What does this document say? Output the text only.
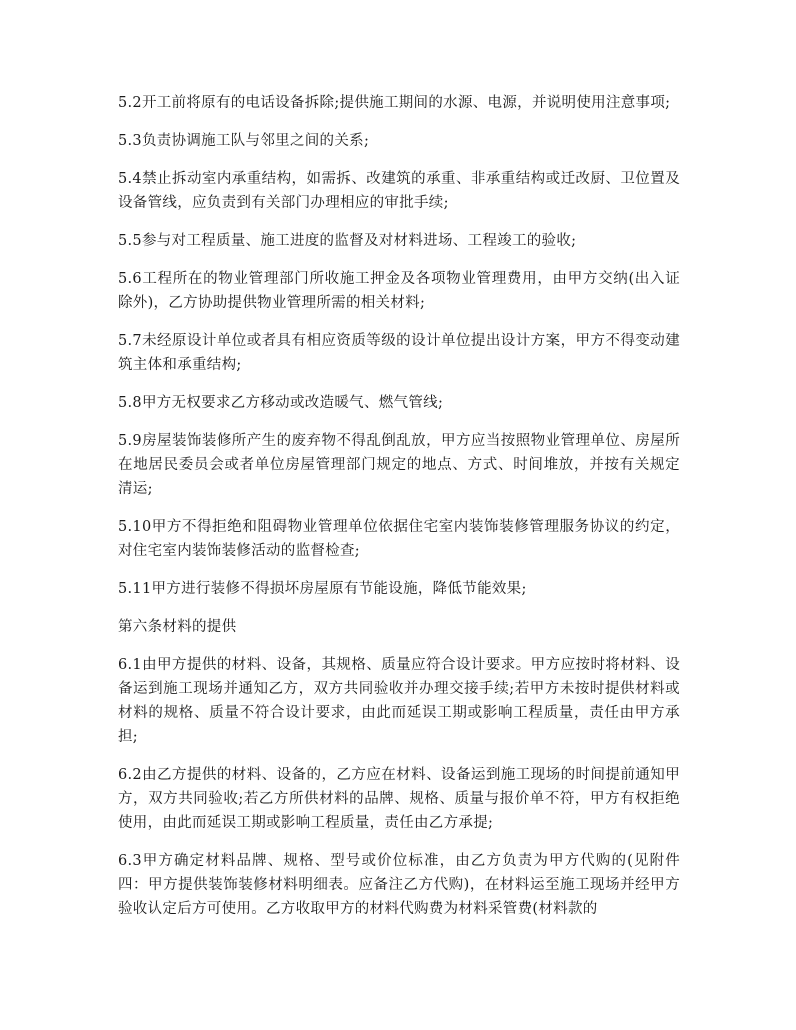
5.2开工前将原有的电话设备拆除;提供施工期间的水源、电源，并说明使用注意事项;

5.3负责协调施工队与邻里之间的关系;

5.4禁止拆动室内承重结构，如需拆、改建筑的承重、非承重结构或迁改厨、卫位置及设备管线，应负责到有关部门办理相应的审批手续;

5.5参与对工程质量、施工进度的监督及对材料进场、工程竣工的验收;

5.6工程所在的物业管理部门所收施工押金及各项物业管理费用，由甲方交纳(出入证除外)，乙方协助提供物业管理所需的相关材料;

5.7未经原设计单位或者具有相应资质等级的设计单位提出设计方案，甲方不得变动建筑主体和承重结构;

5.8甲方无权要求乙方移动或改造暖气、燃气管线;

5.9房屋装饰装修所产生的废弃物不得乱倒乱放，甲方应当按照物业管理单位、房屋所在地居民委员会或者单位房屋管理部门规定的地点、方式、时间堆放，并按有关规定清运;

5.10甲方不得拒绝和阻碍物业管理单位依据住宅室内装饰装修管理服务协议的约定，对住宅室内装饰装修活动的监督检查;

5.11甲方进行装修不得损坏房屋原有节能设施，降低节能效果;

第六条材料的提供

6.1由甲方提供的材料、设备，其规格、质量应符合设计要求。甲方应按时将材料、设备运到施工现场并通知乙方，双方共同验收并办理交接手续;若甲方未按时提供材料或材料的规格、质量不符合设计要求，由此而延误工期或影响工程质量，责任由甲方承担;

6.2由乙方提供的材料、设备的，乙方应在材料、设备运到施工现场的时间提前通知甲方，双方共同验收;若乙方所供材料的品牌、规格、质量与报价单不符，甲方有权拒绝使用，由此而延误工期或影响工程质量，责任由乙方承提;

6.3甲方确定材料品牌、规格、型号或价位标准，由乙方负责为甲方代购的(见附件四：甲方提供装饰装修材料明细表。应备注乙方代购)，在材料运至施工现场并经甲方验收认定后方可使用。乙方收取甲方的材料代购费为材料采管费(材料款的
